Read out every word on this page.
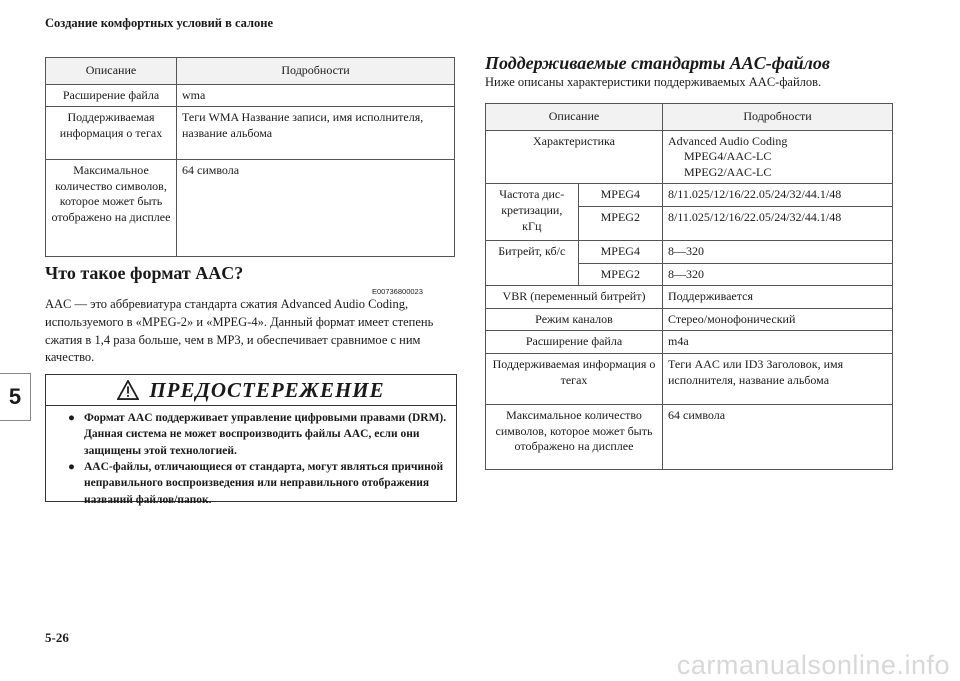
Создание комфортных условий в салоне
5
Описание	Подробности
Расширение файла	wma
Поддерживаемая информация о тегах	Теги WMA Название записи, имя исполнителя, название альбома
Максимальное количество символов, которое может быть отображено на дисплее	64 символа
Что такое формат AAC?
E00736800023
AAC — это аббревиатура стандарта сжатия Advanced Audio Coding, используемого в «MPEG-2» и «MPEG-4». Данный формат имеет степень сжатия в 1,4 раза больше, чем в MP3, и обеспечивает сравнимое с ним качество.
ПРЕДОСТЕРЕЖЕНИЕ
● Формат AAC поддерживает управление цифровыми правами (DRM). Данная система не может воспроизводить файлы AAC, если они защищены этой технологией.
● AAC-файлы, отличающиеся от стандарта, могут являться причиной неправильного воспроизведения или неправильного отображения названий файлов/папок.
Поддерживаемые стандарты AAC-файлов
Ниже описаны характеристики поддерживаемых AAC-файлов.
Описание		Подробности
Характеристика		Advanced Audio Coding
MPEG4/AAC-LC
MPEG2/AAC-LC

Частота дис-кретизации, кГц	MPEG4	8/11.025/12/16/22.05/24/32/44.1/48
	MPEG2	8/11.025/12/16/22.05/24/32/44.1/48
Битрейт, кб/с	MPEG4	8—320
	MPEG2	8—320
VBR (переменный битрейт)		Поддерживается
Режим каналов		Стерео/монофонический
Расширение файла		m4a
Поддерживаемая информация о тегах		Теги AAC или ID3 Заголовок, имя исполнителя, название альбома
Максимальное количество символов, которое может быть отображено на дисплее		64 символа
5-26
carmanualsonline.info
